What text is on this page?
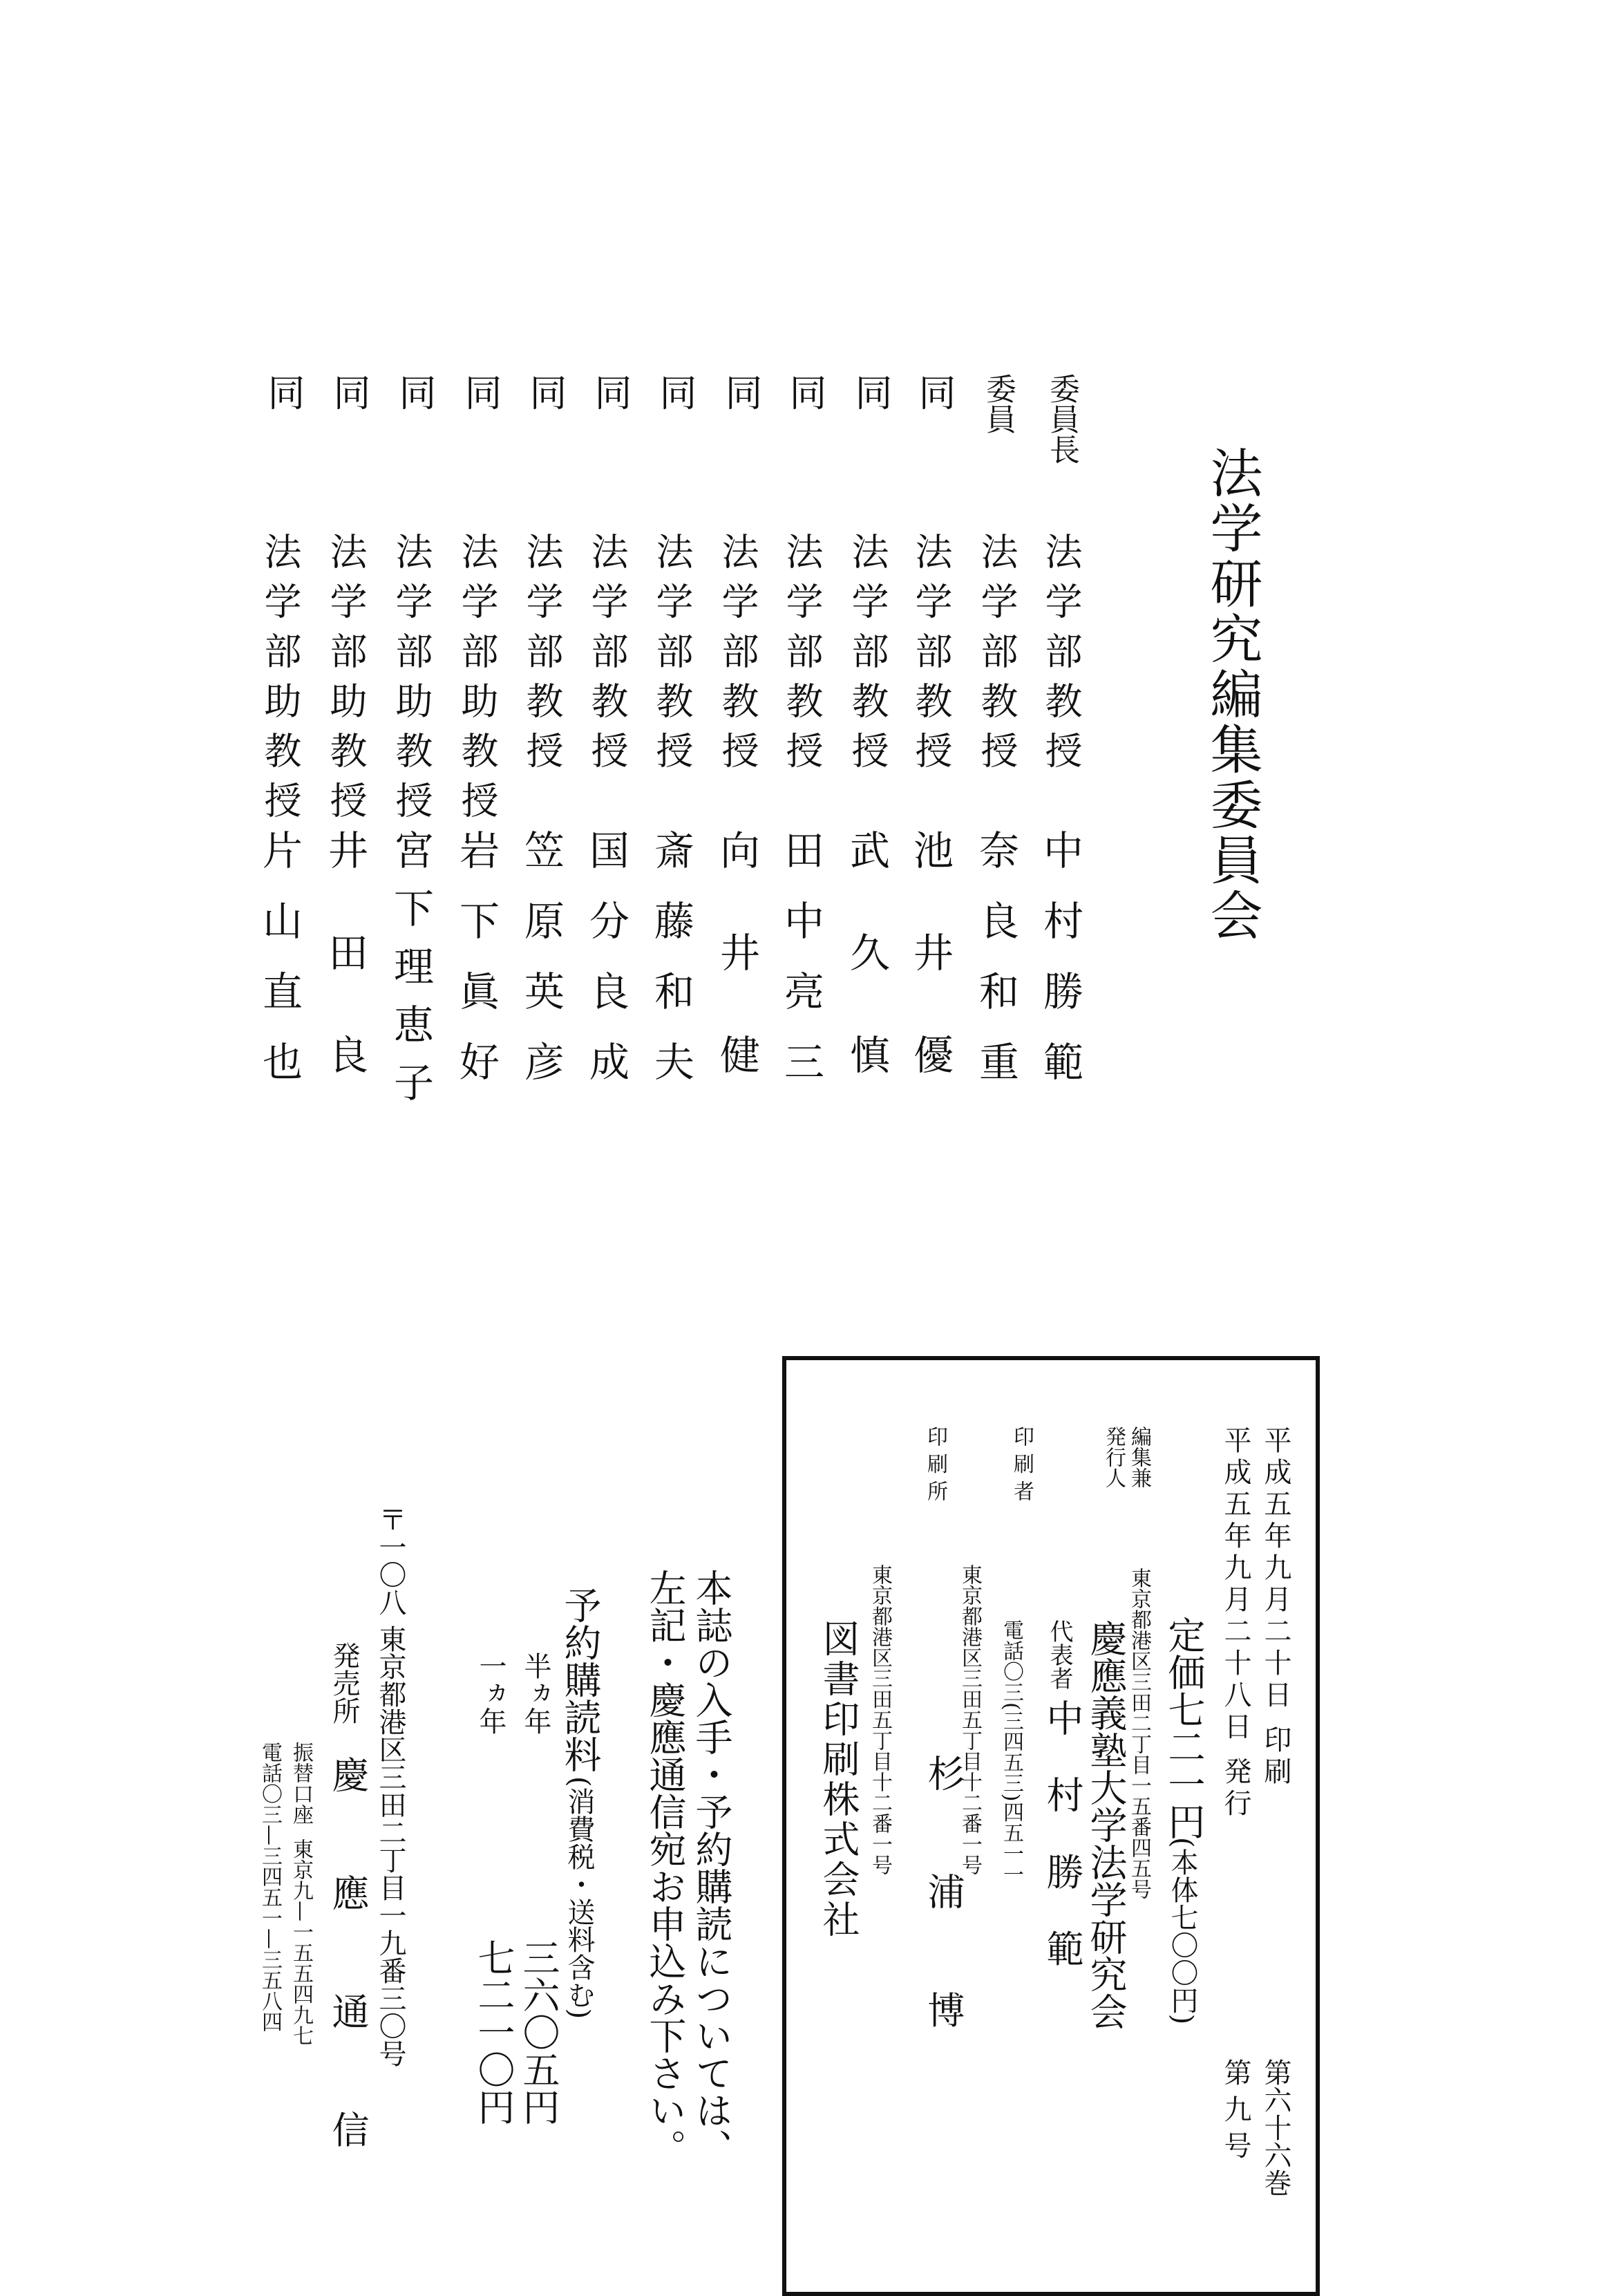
法学研究編集委員会
委員長
委員
同
同
同
同
同
同
同
同
同
同
同
法学部教授
法学部教授
法学部教授
法学部教授
法学部教授
法学部教授
法学部教授
法学部教授
法学部教授
法学部助教授
法学部助教授
法学部助教授
法学部助教授
中村勝範
奈良和重
池井優
武久慎
田中亮三
向井健
斎藤和夫
国分良成
笠原英彦
岩下眞好
宮下理恵子
井田良
片山直也
平成五年九月二十日 印刷
第六十六巻
平成五年九月二十八日 発行
第 九 号
定価七二一円
(本体七〇〇円)
編集兼
発行人
東京都港区三田二丁目一五番四五号
慶應義塾大学法学研究会
代表者
中 村 勝 範
電話〇三(三四五三)四五一一
印 刷 者
東京都港区三田五丁目十二番一号
杉 浦 博
印 刷 所
東京都港区三田五丁目十二番一号
図書印刷株式会社
本誌の入手・予約購読については、
左記・慶應通信宛お申込み下さい。
予約購読料
(消費税・送料含む)
半ヵ年
三六〇五円
一ヵ年
七二一〇円
〒一〇八 東京都港区三田二丁目一九番三〇号
発売所
慶 應 通 信
振替口座
東京九—一五五四九七
電話〇三—三四五一—三五八四
